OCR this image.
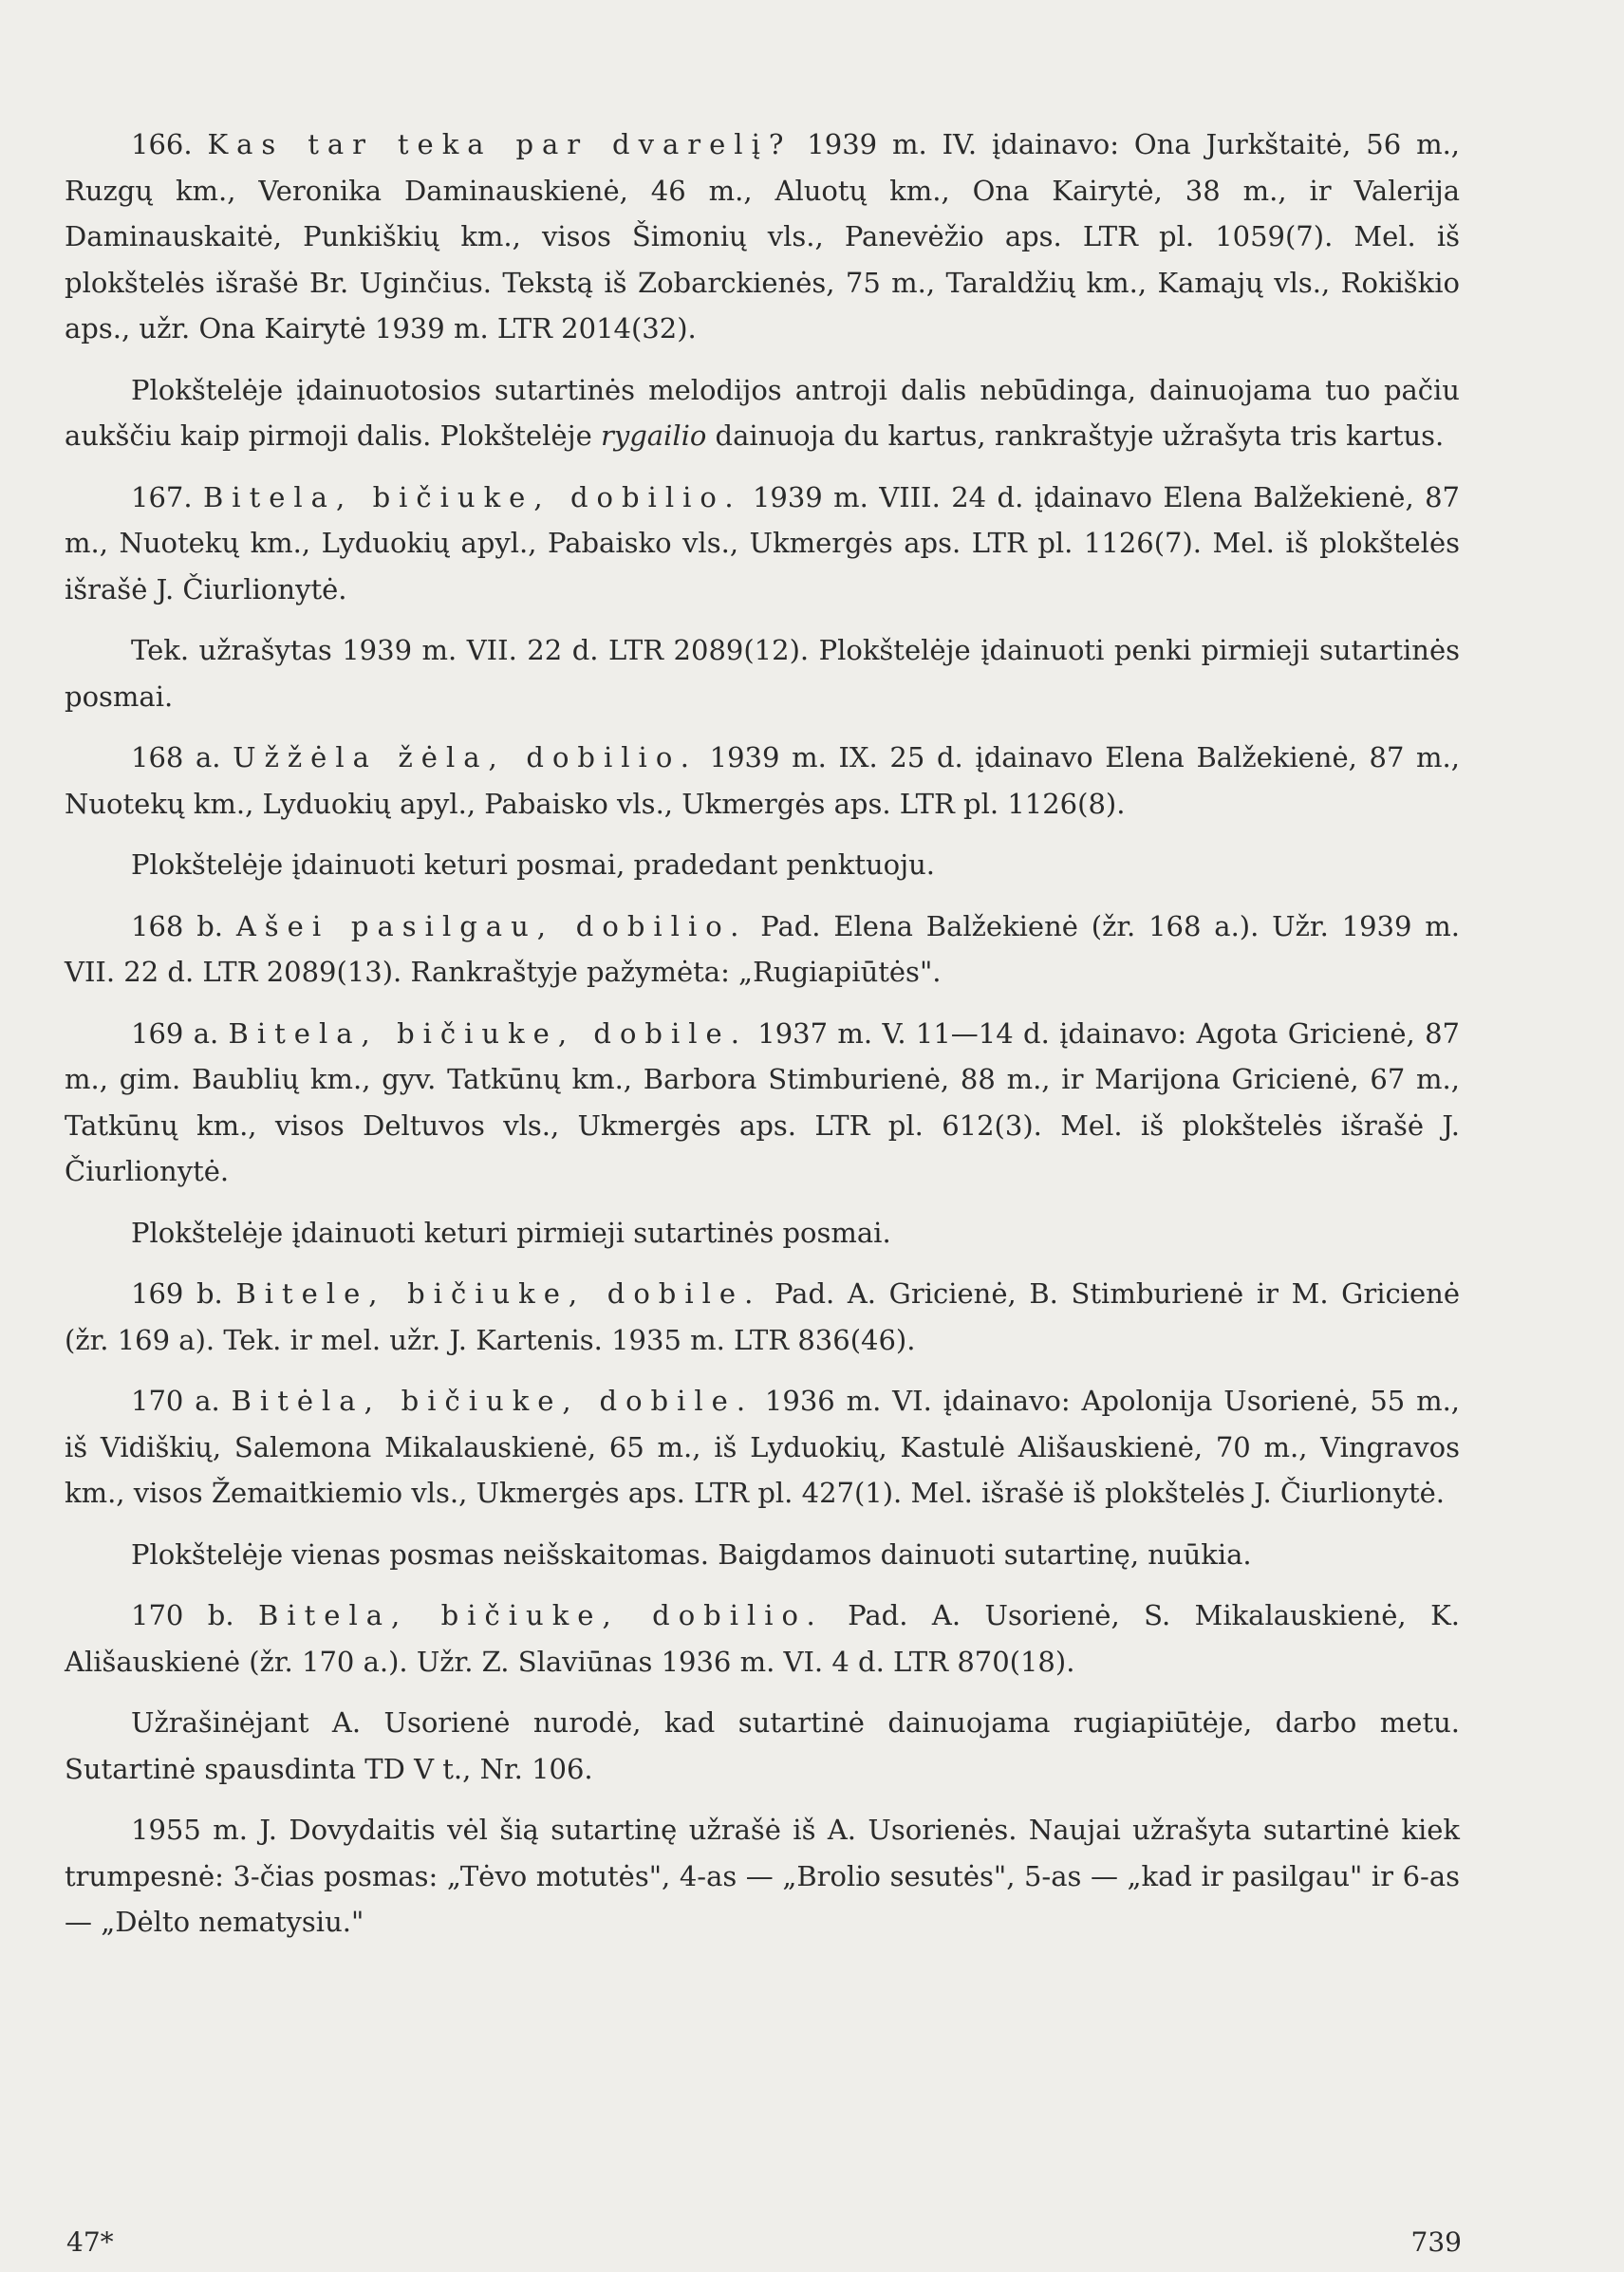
166. Kas tar teka par dvarelį? 1939 m. IV. įdainavo: Ona Jurkštaitė, 56 m., Ruzgų km., Veronika Daminauskienė, 46 m., Aluotų km., Ona Kairytė, 38 m., ir Valerija Daminauskaitė, Punkiškių km., visos Šimonių vls., Panevėžio aps. LTR pl. 1059(7). Mel. iš plokštelės išrašė Br. Uginčius. Tekstą iš Zobarckienės, 75 m., Taraldžių km., Kamajų vls., Rokiškio aps., užr. Ona Kairytė 1939 m. LTR 2014(32).

Plokštelėje įdainuotosios sutartinės melodijos antroji dalis nebūdinga, dainuojama tuo pačiu aukščiu kaip pirmoji dalis. Plokštelėje rygailio dainuoja du kartus, rankraštyje užrašyta tris kartus.

167. Bitela, bičiuke, dobilio. 1939 m. VIII. 24 d. įdainavo Elena Balžekienė, 87 m., Nuotekų km., Lyduokių apyl., Pabaisko vls., Ukmergės aps. LTR pl. 1126(7). Mel. iš plokštelės išrašė J. Čiurlionytė.

Tek. užrašytas 1939 m. VII. 22 d. LTR 2089(12). Plokštelėje įdainuoti penki pirmieji sutartinės posmai.

168 a. Užžėla žėla, dobilio. 1939 m. IX. 25 d. įdainavo Elena Balžekienė, 87 m., Nuotekų km., Lyduokių apyl., Pabaisko vls., Ukmergės aps. LTR pl. 1126(8).

Plokštelėje įdainuoti keturi posmai, pradedant penktuoju.

168 b. Ašei pasilgau, dobilio. Pad. Elena Balžekienė (žr. 168 a.). Užr. 1939 m. VII. 22 d. LTR 2089(13). Rankraštyje pažymėta: „Rugiapiūtės".

169 a. Bitela, bičiuke, dobile. 1937 m. V. 11—14 d. įdainavo: Agota Gricienė, 87 m., gim. Baublių km., gyv. Tatkūnų km., Barbora Stimburienė, 88 m., ir Marijona Gricienė, 67 m., Tatkūnų km., visos Deltuvos vls., Ukmergės aps. LTR pl. 612(3). Mel. iš plokštelės išrašė J. Čiurlionytė.

Plokštelėje įdainuoti keturi pirmieji sutartinės posmai.

169 b. Bitele, bičiuke, dobile. Pad. A. Gricienė, B. Stimburienė ir M. Gricienė (žr. 169 a). Tek. ir mel. užr. J. Kartenis. 1935 m. LTR 836(46).

170 a. Bitėla, bičiuke, dobile. 1936 m. VI. įdainavo: Apolonija Usorienė, 55 m., iš Vidiškių, Salemona Mikalauskienė, 65 m., iš Lyduokių, Kastulė Ališauskienė, 70 m., Vingravos km., visos Žemaitkiemio vls., Ukmergės aps. LTR pl. 427(1). Mel. išrašė iš plokštelės J. Čiurlionytė.

Plokštelėje vienas posmas neišskaitomas. Baigdamos dainuoti sutartinę, nuūkia.

170 b. Bitela, bičiuke, dobilio. Pad. A. Usorienė, S. Mikalauskienė, K. Ališauskienė (žr. 170 a.). Užr. Z. Slaviūnas 1936 m. VI. 4 d. LTR 870(18).

Užrašinėjant A. Usorienė nurodė, kad sutartinė dainuojama rugiapiūtėje, darbo metu. Sutartinė spausdinta TD V t., Nr. 106.

1955 m. J. Dovydaitis vėl šią sutartinę užrašė iš A. Usorienės. Naujai užrašyta sutartinė kiek trumpesnė: 3-čias posmas: „Tėvo motutės", 4-as — „Brolio sesutės", 5-as — „kad ir pasilgau" ir 6-as — „Dėlto nematysiu."

47*	739
